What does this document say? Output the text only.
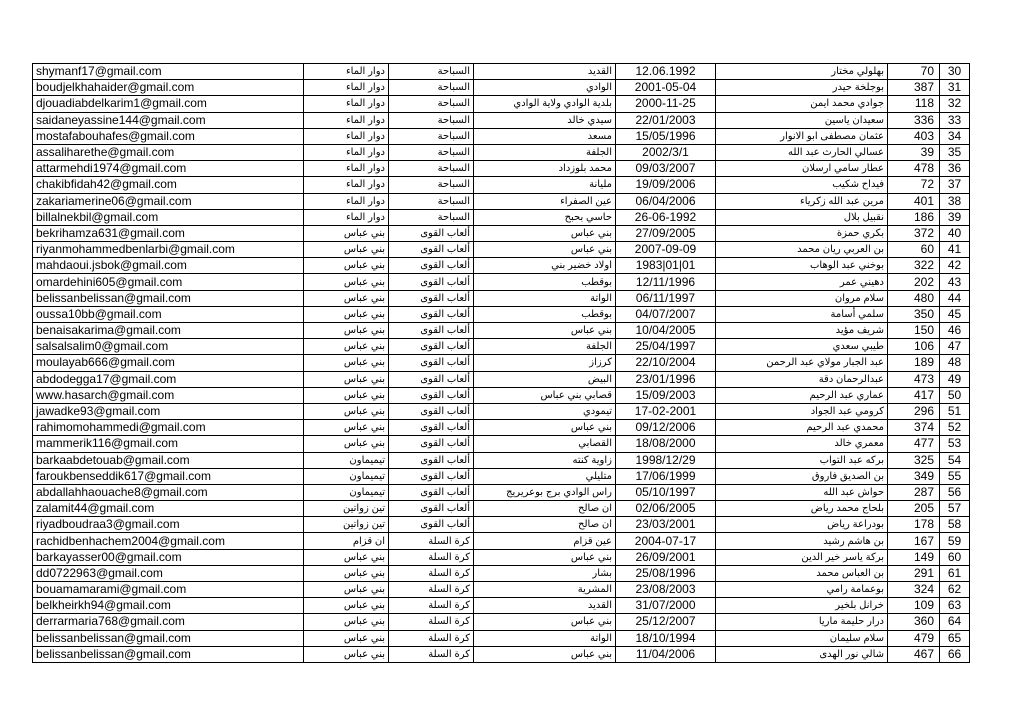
shymanf17@gmail.com	دوار الماء	السباحة	القديد	12.06.1992	بهلولي مختار	70	30
boudjelkhahaider@gmail.com	دوار الماء	السباحة	الوادي	2001-05-04	بوجلخة حيدر	387	31
djouadiabdelkarim1@gmail.com	دوار الماء	السباحة	بلدية الوادي ولاية الوادي	2000-11-25	جوادي محمد ايمن	118	32
saidaneyassine144@gmail.com	دوار الماء	السباحة	سيدي خالد	22/01/2003	سعيدان ياسين	336	33
mostafabouhafes@gmail.com	دوار الماء	السباحة	مسعد	15/05/1996	عثمان مصطفى ابو الانوار	403	34
assaliharethe@gmail.com	دوار الماء	السباحة	الجلفة	2002/3/1	عسالي الحارث عبد الله	39	35
attarmehdi1974@gmail.com	دوار الماء	السباحة	محمد بلوزداد	09/03/2007	عطار سامي ارسلان	478	36
chakibfidah42@gmail.com	دوار الماء	السباحة	مليانة	19/09/2006	فيداح شكيب	72	37
zakariamerine06@gmail.com	دوار الماء	السباحة	عين الصفراء	06/04/2006	مرين عبد الله زكرياء	401	38
billalnekbil@gmail.com	دوار الماء	السباحة	حاسي بحبح	26-06-1992	نقبيل بلال	186	39
bekrihamza631@gmail.com	بني عباس	ألعاب القوى	بني عباس	27/09/2005	بكري حمزة	372	40
riyanmohammedbenlarbi@gmail.com	بني عباس	ألعاب القوى	بني عباس	2007-09-09	بن العربي ريان محمد	60	41
mahdaoui.jsbok@gmail.com	بني عباس	ألعاب القوى	اولاد خضير بني	1983|01|01	بوخني عبد الوهاب	322	42
omardehini605@gmail.com	بني عباس	ألعاب القوى	بوقطب	12/11/1996	دهيني عمر	202	43
belissanbelissan@gmail.com	بني عباس	ألعاب القوى	الواتة	06/11/1997	سلام مروان	480	44
oussa10bb@gmail.com	بني عباس	ألعاب القوى	بوقطب	04/07/2007	سلمي أسامة	350	45
benaisakarima@gmail.com	بني عباس	ألعاب القوى	بني عباس	10/04/2005	شريف مؤيد	150	46
salsalsalim0@gmail.com	بني عباس	ألعاب القوى	الجلفة	25/04/1997	طيبي سعدي	106	47
moulayab666@gmail.com	بني عباس	ألعاب القوى	كرزاز	22/10/2004	عبد الجبار مولاي عبد الرحمن	189	48
abdodegga17@gmail.com	بني عباس	ألعاب القوى	البيض	23/01/1996	عبدالرحمان دقة	473	49
www.hasarch@gmail.com	بني عباس	ألعاب القوى	قصابي بني عباس	15/09/2003	عماري عبد الرحيم	417	50
jawadke93@gmail.com	بني عباس	ألعاب القوى	تيمودي	17-02-2001	كرومي عبد الجواد	296	51
rahimomohammedi@gmail.com	بني عباس	ألعاب القوى	بني عباس	09/12/2006	محمدي عبد الرحيم	374	52
mammerik116@gmail.com	بني عباس	ألعاب القوى	القصابي	18/08/2000	معمري خالد	477	53
barkaabdetouab@gmail.com	تيميماون	ألعاب القوى	زاوية كنته	1998/12/29	بركه عبد التواب	325	54
faroukbenseddik617@gmail.com	تيميماون	ألعاب القوى	متليلي	17/06/1999	بن الصديق فاروق	349	55
abdallahhaouache8@gmail.com	تيميماون	ألعاب القوى	راس الوادي برج بوعريريج	05/10/1997	حواش عبد الله	287	56
zalamit44@gmail.com	تين زواتين	ألعاب القوى	ان صالح	02/06/2005	بلحاج محمد رياض	205	57
riyadboudraa3@gmail.com	تين زواتين	ألعاب القوى	ان صالح	23/03/2001	بودراعة رياض	178	58
rachidbenhachem2004@gmail.com	ان قزام	كرة السلة	عين قزام	2004-07-17	بن هاشم رشيد	167	59
barkayasser00@gmail.com	بني عباس	كرة السلة	بني عباس	26/09/2001	بركة ياسر خير الدين	149	60
dd0722963@gmail.com	بني عباس	كرة السلة	بشار	25/08/1996	بن العباس محمد	291	61
bouamamarami@gmail.com	بني عباس	كرة السلة	المشرية	23/08/2003	بوعمامة رامي	324	62
belkheirkh94@gmail.com	بني عباس	كرة السلة	القديد	31/07/2000	خرانل بلخير	109	63
derrarmaria768@gmail.com	بني عباس	كرة السلة	بني عباس	25/12/2007	درار حليمة ماريا	360	64
belissanbelissan@gmail.com	بني عباس	كرة السلة	الواتة	18/10/1994	سلام سليمان	479	65
belissanbelissan@gmail.com	بني عباس	كرة السلة	بني عباس	11/04/2006	شالي نور الهدى	467	66
